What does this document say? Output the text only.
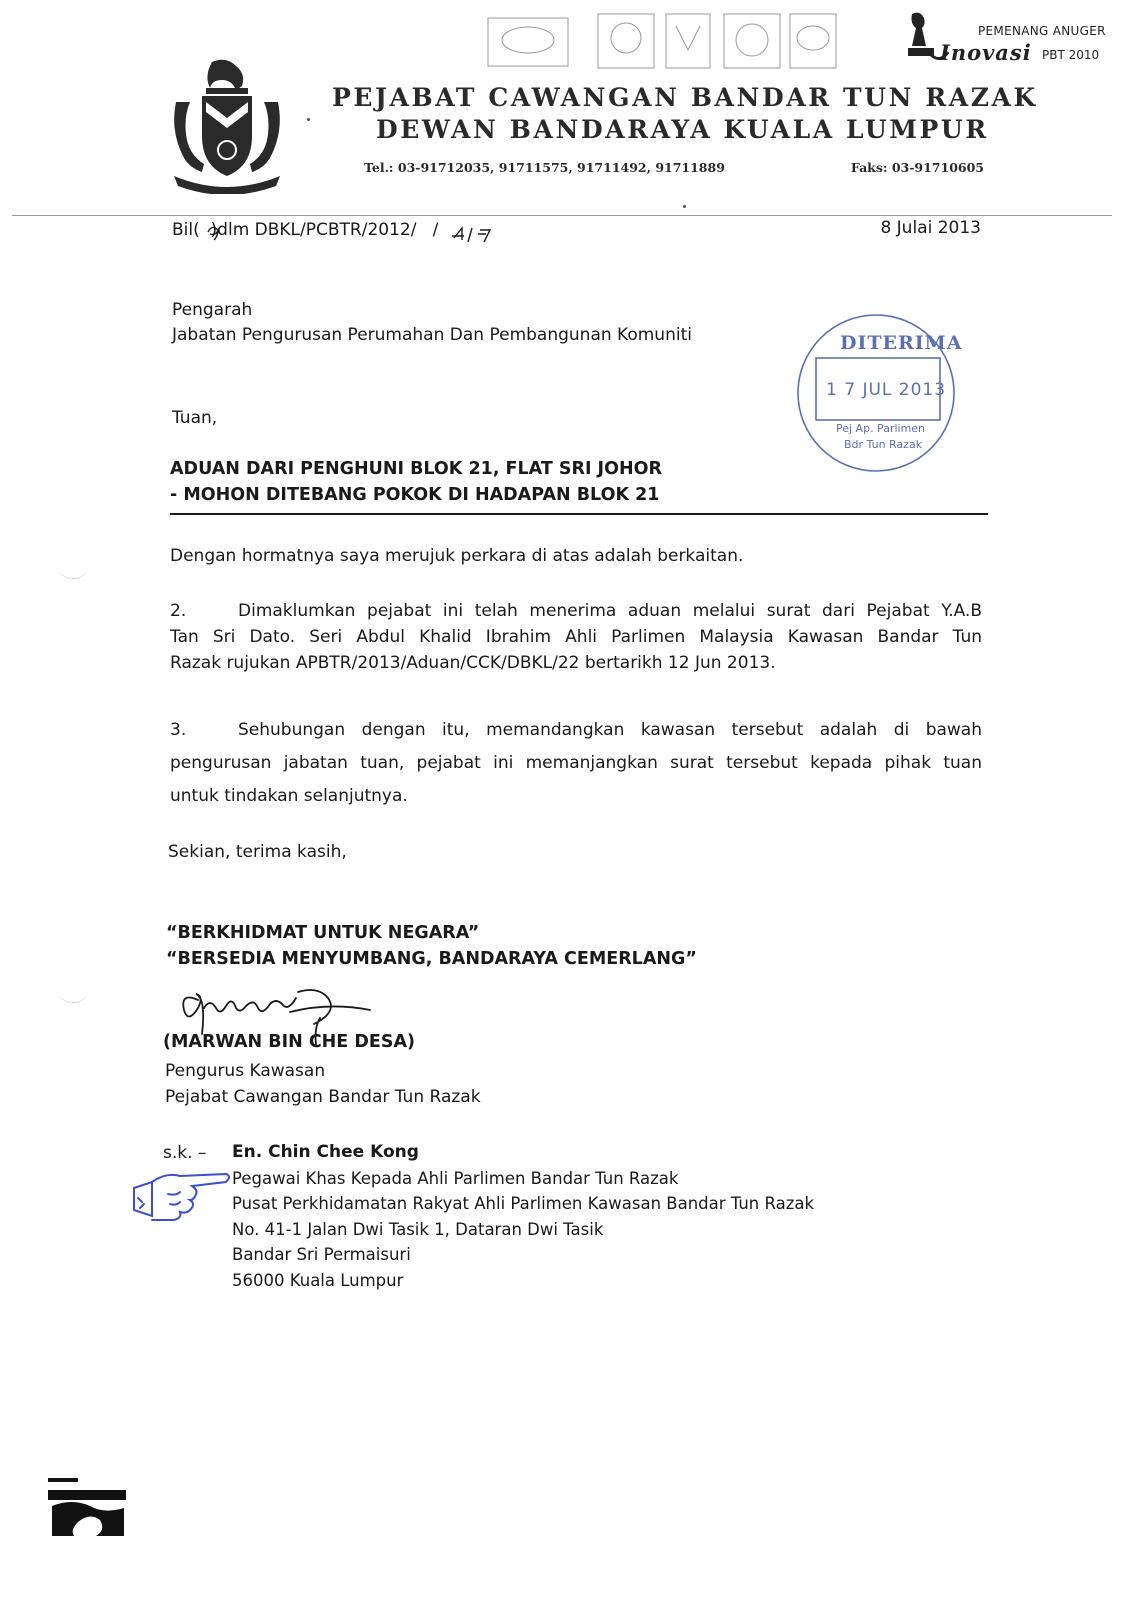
PEMENANG ANUGER
Inovasi PBT 2010
PEJABAT CAWANGAN BANDAR TUN RAZAK
DEWAN BANDARAYA KUALA LUMPUR
Tel.: 03-91712035, 91711575, 91711492, 91711889	Faks: 03-91710605
Bil(  )dlm DBKL/PCBTR/2012/   /	8 Julai 2013
Pengarah
Jabatan Pengurusan Perumahan Dan Pembangunan Komuniti	DITERIMA
1 7 JUL 2013
Pej Ap. Parlimen
Bdr Tun Razak
Tuan,
ADUAN DARI PENGHUNI BLOK 21, FLAT SRI JOHOR
- MOHON DITEBANG POKOK DI HADAPAN BLOK 21
Dengan hormatnya saya merujuk perkara di atas adalah berkaitan.
2.	Dimaklumkan pejabat ini telah menerima aduan melalui surat dari Pejabat Y.A.B
Tan Sri Dato. Seri Abdul Khalid Ibrahim Ahli Parlimen Malaysia Kawasan Bandar Tun
Razak rujukan APBTR/2013/Aduan/CCK/DBKL/22 bertarikh 12 Jun 2013.
3.	Sehubungan dengan itu, memandangkan kawasan tersebut adalah di bawah
pengurusan jabatan tuan, pejabat ini memanjangkan surat tersebut kepada pihak tuan
untuk tindakan selanjutnya.
Sekian, terima kasih,
“BERKHIDMAT UNTUK NEGARA”
“BERSEDIA MENYUMBANG, BANDARAYA CEMERLANG”
(MARWAN BIN CHE DESA)
Pengurus Kawasan
Pejabat Cawangan Bandar Tun Razak
s.k. – En. Chin Chee Kong
Pegawai Khas Kepada Ahli Parlimen Bandar Tun Razak
Pusat Perkhidamatan Rakyat Ahli Parlimen Kawasan Bandar Tun Razak
No. 41-1 Jalan Dwi Tasik 1, Dataran Dwi Tasik
Bandar Sri Permaisuri
56000 Kuala Lumpur
